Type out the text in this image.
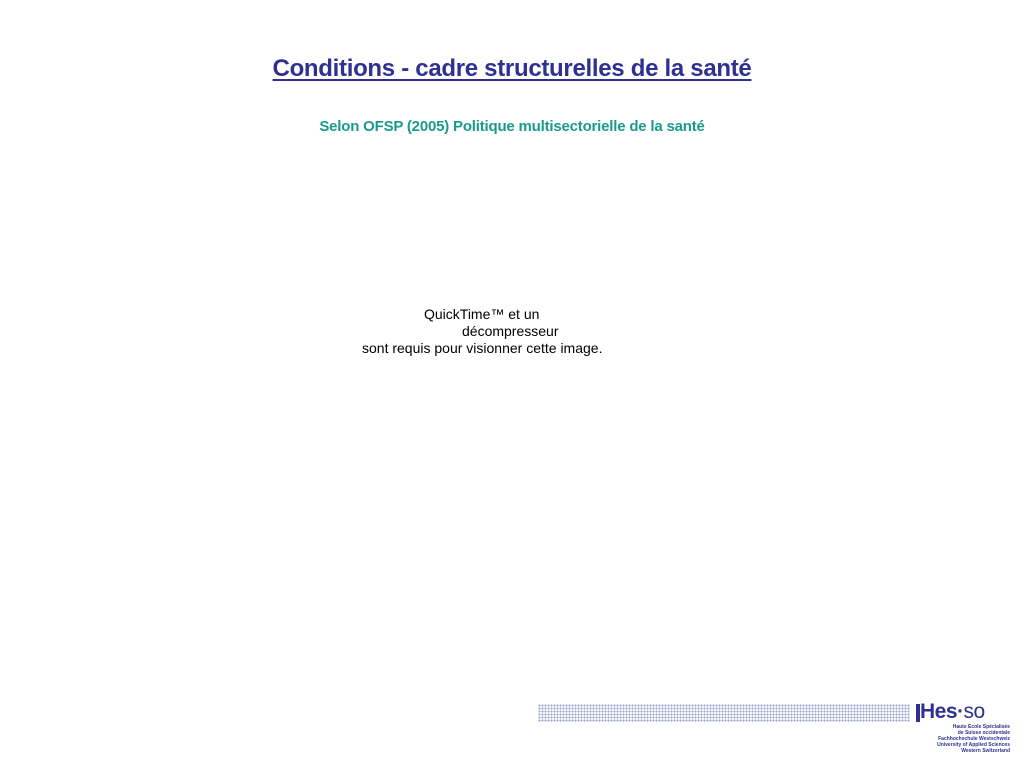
Conditions - cadre structurelles de la santé
Selon OFSP (2005) Politique multisectorielle de la santé
QuickTime™ et un
décompresseur
sont requis pour visionner cette image.
Hes·so
Haute Ecole Spécialisée
de Suisse occidentale
Fachhochschule Westschweiz
University of Applied Sciences
Western Switzerland
